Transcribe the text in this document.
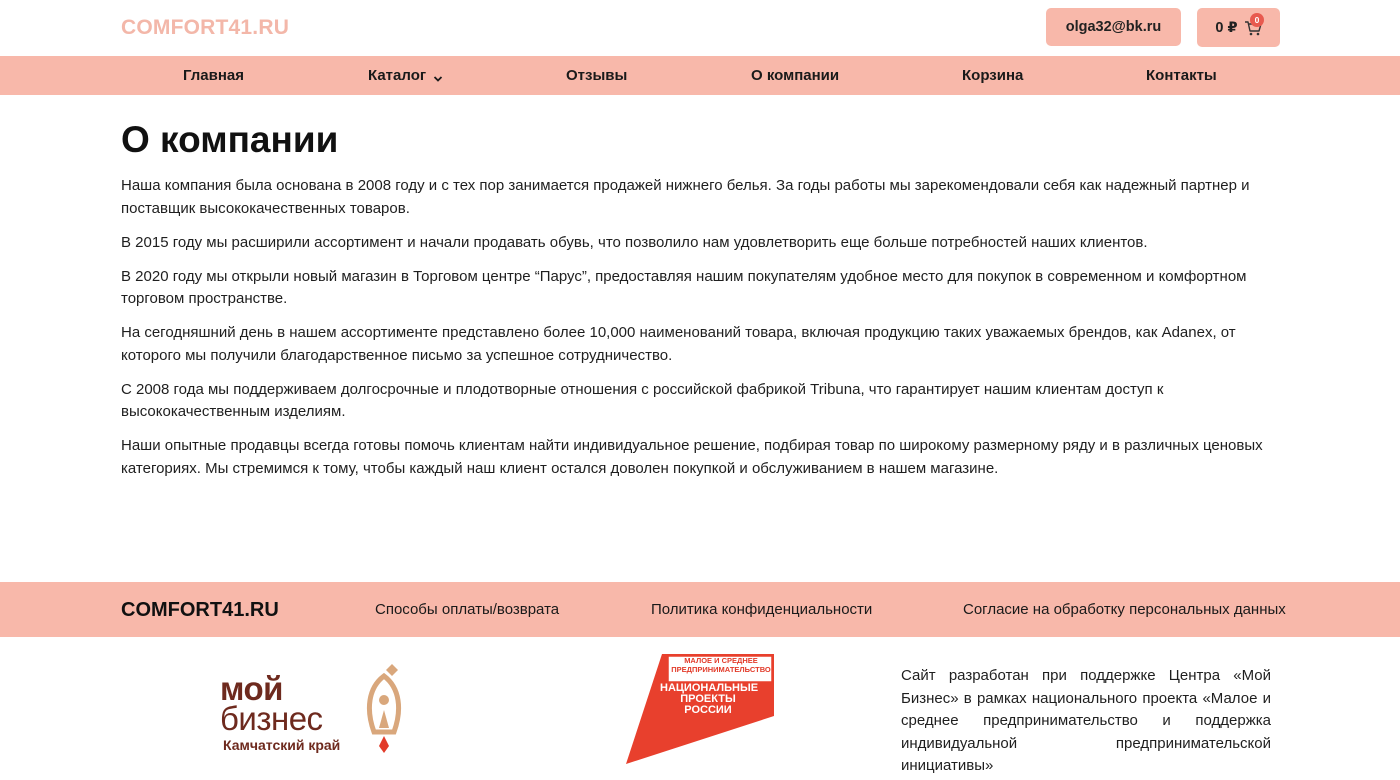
COMFORT41.RU	olga32@bk.ru	0 ₽	0
Главная	Каталог	Отзывы	О компании	Корзина	Контакты
О компании

Наша компания была основана в 2008 году и с тех пор занимается продажей нижнего белья. За годы работы мы зарекомендовали себя как надежный партнер и поставщик высококачественных товаров.

В 2015 году мы расширили ассортимент и начали продавать обувь, что позволило нам удовлетворить еще больше потребностей наших клиентов.

В 2020 году мы открыли новый магазин в Торговом центре “Парус”, предоставляя нашим покупателям удобное место для покупок в современном и комфортном торговом пространстве.

На сегодняшний день в нашем ассортименте представлено более 10,000 наименований товара, включая продукцию таких уважаемых брендов, как Adanex, от которого мы получили благодарственное письмо за успешное сотрудничество.

С 2008 года мы поддерживаем долгосрочные и плодотворные отношения с российской фабрикой Tribuna, что гарантирует нашим клиентам доступ к высококачественным изделиям.

Наши опытные продавцы всегда готовы помочь клиентам найти индивидуальное решение, подбирая товар по широкому размерному ряду и в различных ценовых категориях. Мы стремимся к тому, чтобы каждый наш клиент остался доволен покупкой и обслуживанием в нашем магазине.

COMFORT41.RU	Способы оплаты/возврата	Политика конфиденциальности	Согласие на обработку персональных данных
мой
бизнес
Камчатский край
МАЛОЕ И СРЕДНЕЕ ПРЕДПРИНИМАТЕЛЬСТВО
НАЦИОНАЛЬНЫЕ ПРОЕКТЫ РОССИИ
Сайт разработан при поддержке Центра «Мой Бизнес» в рамках национального проекта «Малое и среднее предпринимательство и поддержка индивидуальной предпринимательской инициативы»
